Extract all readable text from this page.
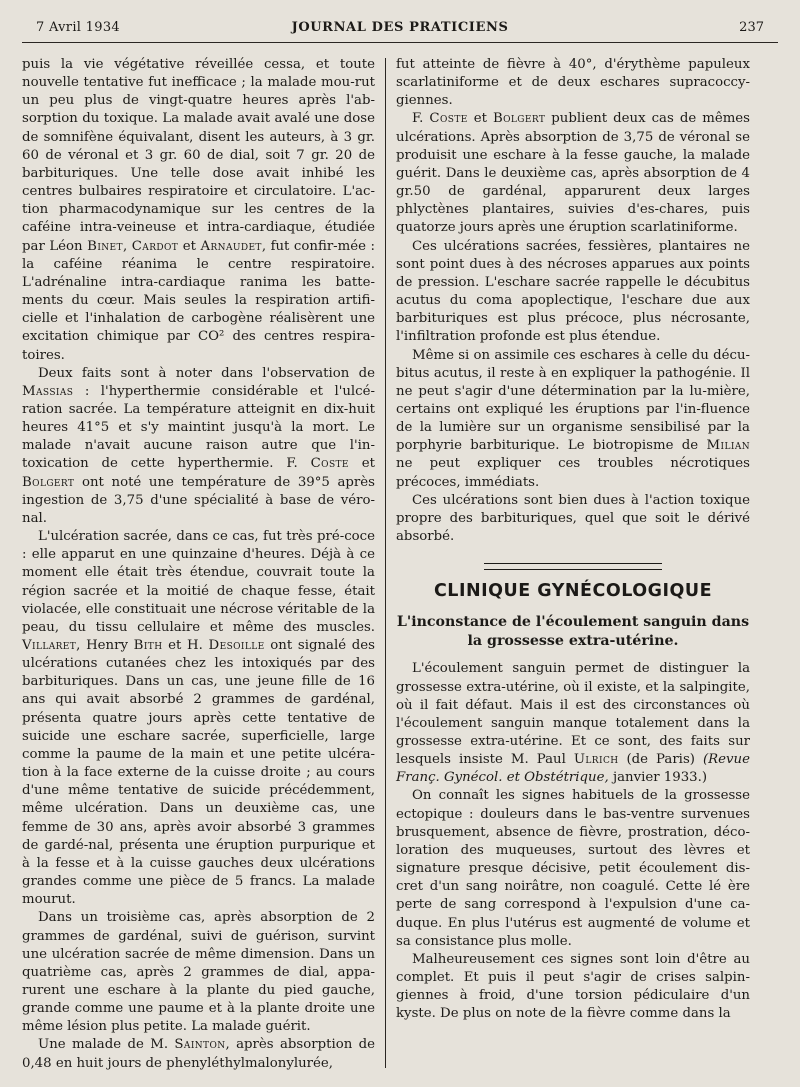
7 Avril 1934	JOURNAL DES PRATICIENS	237

puis la vie végétative réveillée cessa, et toute nouvelle tentative fut inefficace ; la malade mou-rut un peu plus de vingt-quatre heures après l'ab-sorption du toxique. La malade avait avalé une dose de somnifène équivalant, disent les auteurs, à 3 gr. 60 de véronal et 3 gr. 60 de dial, soit 7 gr. 20 de barbituriques. Une telle dose avait inhibé les centres bulbaires respiratoire et circulatoire. L'ac-tion pharmacodynamique sur les centres de la caféine intra-veineuse et intra-cardiaque, étudiée par Léon Binet, Cardot et Arnaudet, fut confir-mée : la caféine réanima le centre respiratoire. L'adrénaline intra-cardiaque ranima les batte-ments du cœur. Mais seules la respiration artifi-cielle et l'inhalation de carbogène réalisèrent une excitation chimique par CO² des centres respira-toires.

Deux faits sont à noter dans l'observation de Massias : l'hyperthermie considérable et l'ulcé-ration sacrée. La température atteignit en dix-huit heures 41°5 et s'y maintint jusqu'à la mort. Le malade n'avait aucune raison autre que l'in-toxication de cette hyperthermie. F. Coste et Bolgert ont noté une température de 39°5 après ingestion de 3,75 d'une spécialité à base de véro-nal.

L'ulcération sacrée, dans ce cas, fut très pré-coce : elle apparut en une quinzaine d'heures. Déjà à ce moment elle était très étendue, couvrait toute la région sacrée et la moitié de chaque fesse, était violacée, elle constituait une nécrose véritable de la peau, du tissu cellulaire et même des muscles. Villaret, Henry Bith et H. Desoille ont signalé des ulcérations cutanées chez les intoxiqués par des barbituriques. Dans un cas, une jeune fille de 16 ans qui avait absorbé 2 grammes de gardénal, présenta quatre jours après cette tentative de suicide une eschare sacrée, superficielle, large comme la paume de la main et une petite ulcéra-tion à la face externe de la cuisse droite ; au cours d'une même tentative de suicide précédemment, même ulcération. Dans un deuxième cas, une femme de 30 ans, après avoir absorbé 3 grammes de gardé-nal, présenta une éruption purpurique et à la fesse et à la cuisse gauches deux ulcérations grandes comme une pièce de 5 francs. La malade mourut.

Dans un troisième cas, après absorption de 2 grammes de gardénal, suivi de guérison, survint une ulcération sacrée de même dimension. Dans un quatrième cas, après 2 grammes de dial, appa-rurent une eschare à la plante du pied gauche, grande comme une paume et à la plante droite une même lésion plus petite. La malade guérit.

Une malade de M. Sainton, après absorption de 0,48 en huit jours de phenyléthylmalonylurée,

fut atteinte de fièvre à 40°, d'érythème papuleux scarlatiniforme et de deux eschares supracoccy-giennes.

F. Coste et Bolgert publient deux cas de mêmes ulcérations. Après absorption de 3,75 de véronal se produisit une eschare à la fesse gauche, la malade guérit. Dans le deuxième cas, après absorption de 4 gr.50 de gardénal, apparurent deux larges phlyctènes plantaires, suivies d'es-chares, puis quatorze jours après une éruption scarlatiniforme.

Ces ulcérations sacrées, fessières, plantaires ne sont point dues à des nécroses apparues aux points de pression. L'eschare sacrée rappelle le décubitus acutus du coma apoplectique, l'eschare due aux barbituriques est plus précoce, plus nécrosante, l'infiltration profonde est plus étendue.

Même si on assimile ces eschares à celle du décu-bitus acutus, il reste à en expliquer la pathogénie. Il ne peut s'agir d'une détermination par la lu-mière, certains ont expliqué les éruptions par l'in-fluence de la lumière sur un organisme sensibilisé par la porphyrie barbiturique. Le biotropisme de Milian ne peut expliquer ces troubles nécrotiques précoces, immédiats.

Ces ulcérations sont bien dues à l'action toxique propre des barbituriques, quel que soit le dérivé absorbé.

CLINIQUE GYNÉCOLOGIQUE
L'inconstance de l'écoulement sanguin dans la grossesse extra-utérine.

L'écoulement sanguin permet de distinguer la grossesse extra-utérine, où il existe, et la salpingite, où il fait défaut. Mais il est des circonstances où l'écoulement sanguin manque totalement dans la grossesse extra-utérine. Et ce sont, des faits sur lesquels insiste M. Paul Ulrich (de Paris) (Revue Franç. Gynécol. et Obstétrique, janvier 1933.)

On connaît les signes habituels de la grossesse ectopique : douleurs dans le bas-ventre survenues brusquement, absence de fièvre, prostration, déco-loration des muqueuses, surtout des lèvres et signature presque décisive, petit écoulement dis-cret d'un sang noirâtre, non coagulé. Cette lé ère perte de sang correspond à l'expulsion d'une ca-duque. En plus l'utérus est augmenté de volume et sa consistance plus molle.

Malheureusement ces signes sont loin d'être au complet. Et puis il peut s'agir de crises salpin-giennes à froid, d'une torsion pédiculaire d'un kyste. De plus on note de la fièvre comme dans la
